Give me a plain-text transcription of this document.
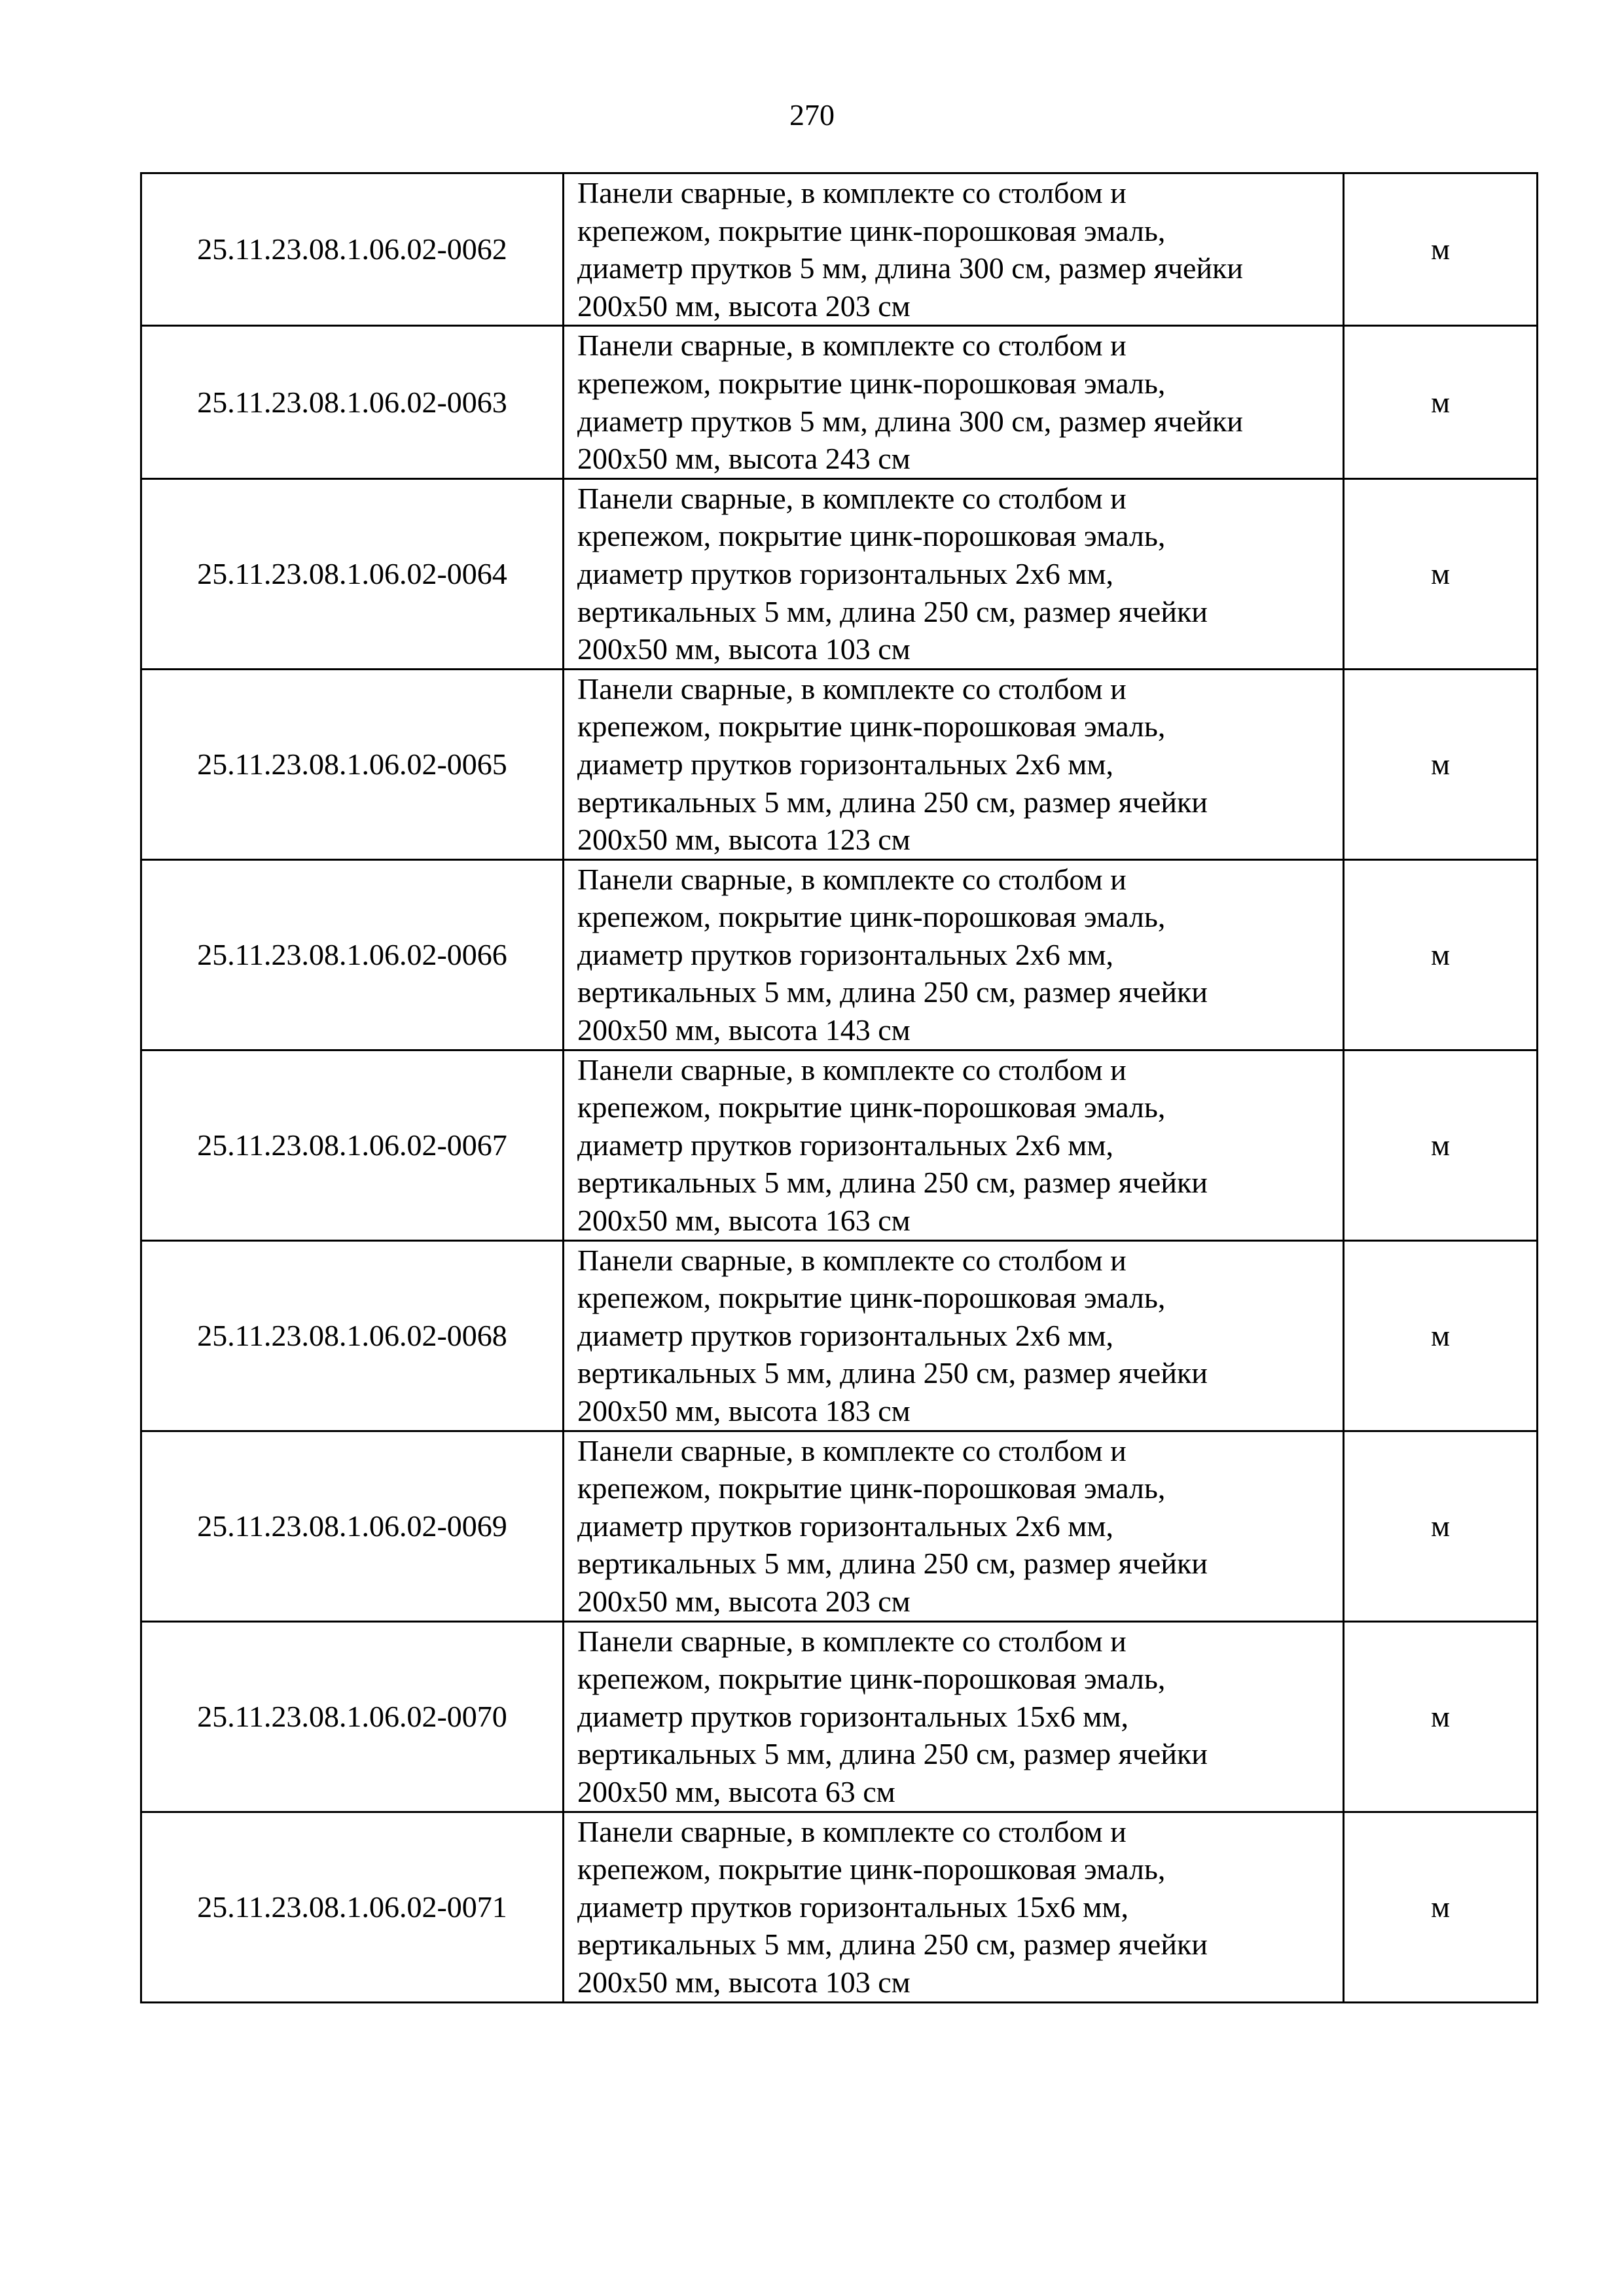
270
25.11.23.08.1.06.02-0062	Панели сварные, в комплекте со столбом и
крепежом, покрытие цинк-порошковая эмаль,
диаметр прутков 5 мм, длина 300 см, размер ячейки
200х50 мм, высота 203 см	м
25.11.23.08.1.06.02-0063	Панели сварные, в комплекте со столбом и
крепежом, покрытие цинк-порошковая эмаль,
диаметр прутков 5 мм, длина 300 см, размер ячейки
200х50 мм, высота 243 см	м
25.11.23.08.1.06.02-0064	Панели сварные, в комплекте со столбом и
крепежом, покрытие цинк-порошковая эмаль,
диаметр прутков горизонтальных 2х6 мм,
вертикальных 5 мм, длина 250 см, размер ячейки
200х50 мм, высота 103 см	м
25.11.23.08.1.06.02-0065	Панели сварные, в комплекте со столбом и
крепежом, покрытие цинк-порошковая эмаль,
диаметр прутков горизонтальных 2х6 мм,
вертикальных 5 мм, длина 250 см, размер ячейки
200х50 мм, высота 123 см	м
25.11.23.08.1.06.02-0066	Панели сварные, в комплекте со столбом и
крепежом, покрытие цинк-порошковая эмаль,
диаметр прутков горизонтальных 2х6 мм,
вертикальных 5 мм, длина 250 см, размер ячейки
200х50 мм, высота 143 см	м
25.11.23.08.1.06.02-0067	Панели сварные, в комплекте со столбом и
крепежом, покрытие цинк-порошковая эмаль,
диаметр прутков горизонтальных 2х6 мм,
вертикальных 5 мм, длина 250 см, размер ячейки
200х50 мм, высота 163 см	м
25.11.23.08.1.06.02-0068	Панели сварные, в комплекте со столбом и
крепежом, покрытие цинк-порошковая эмаль,
диаметр прутков горизонтальных 2х6 мм,
вертикальных 5 мм, длина 250 см, размер ячейки
200х50 мм, высота 183 см	м
25.11.23.08.1.06.02-0069	Панели сварные, в комплекте со столбом и
крепежом, покрытие цинк-порошковая эмаль,
диаметр прутков горизонтальных 2х6 мм,
вертикальных 5 мм, длина 250 см, размер ячейки
200х50 мм, высота 203 см	м
25.11.23.08.1.06.02-0070	Панели сварные, в комплекте со столбом и
крепежом, покрытие цинк-порошковая эмаль,
диаметр прутков горизонтальных 15х6 мм,
вертикальных 5 мм, длина 250 см, размер ячейки
200х50 мм, высота 63 см	м
25.11.23.08.1.06.02-0071	Панели сварные, в комплекте со столбом и
крепежом, покрытие цинк-порошковая эмаль,
диаметр прутков горизонтальных 15х6 мм,
вертикальных 5 мм, длина 250 см, размер ячейки
200х50 мм, высота 103 см	м
